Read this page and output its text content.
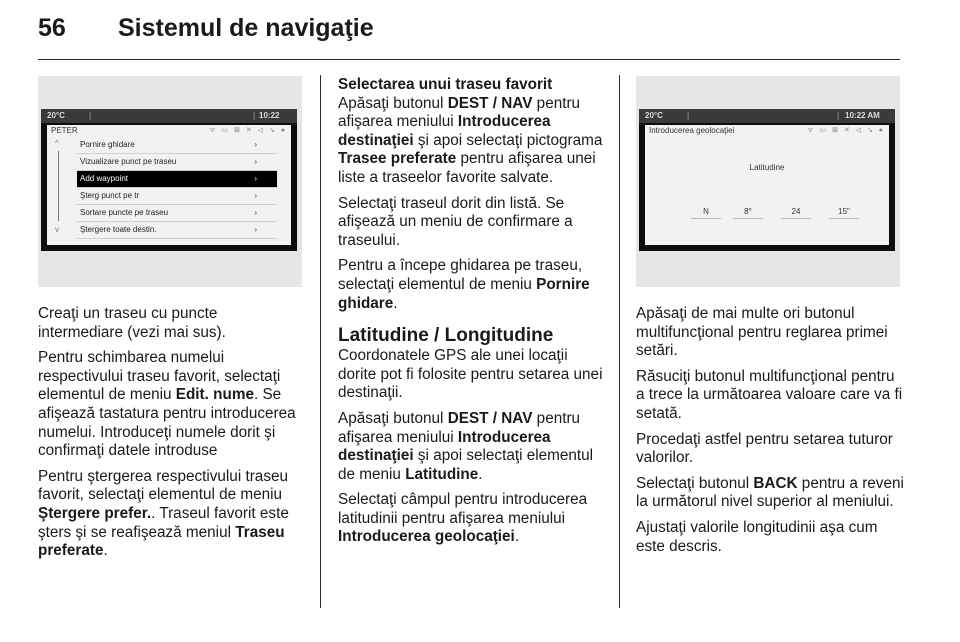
56 Sistemul de navigaţie
20°C	|	| 10:22
PETER	ᯤ ▭ ⊠ ✕ ◁ ↘ ●
^
v
Pornire ghidare	›
Vizualizare punct pe traseu	›
Add waypoint	›
Şterg punct pe tr	›
Sortare puncte pe traseu	›
Ştergere toate destin.	›
20°C	|	| 10:22 AM
Introducerea geolocaţiei	ᯤ ▭ ⊠ ✕ ◁ ↘ ●
Latitudine
N	8°	24	15"

Creaţi un traseu cu puncte intermediare (vezi mai sus).

Pentru schimbarea numelui respectivului traseu favorit, selectaţi elementul de meniu Edit. nume. Se afişează tastatura pentru introducerea numelui. Introduceţi numele dorit şi confirmaţi datele introduse

Pentru ştergerea respectivului traseu favorit, selectaţi elementul de meniu Ştergere prefer.. Traseul favorit este şters şi se reafişează meniul Traseu preferate.

Selectarea unui traseu favorit

Apăsaţi butonul DEST / NAV pentru afişarea meniului Introducerea destinaţiei şi apoi selectaţi pictograma Trasee preferate pentru afişarea unei liste a traseelor favorite salvate.

Selectaţi traseul dorit din listă. Se afişează un meniu de confirmare a traseului.

Pentru a începe ghidarea pe traseu, selectaţi elementul de meniu Pornire ghidare.

Latitudine / Longitudine

Coordonatele GPS ale unei locaţii dorite pot fi folosite pentru setarea unei destinaţii.

Apăsaţi butonul DEST / NAV pentru afişarea meniului Introducerea destinaţiei şi apoi selectaţi elementul de meniu Latitudine.

Selectaţi câmpul pentru introducerea latitudinii pentru afişarea meniului Introducerea geolocaţiei.

Apăsaţi de mai multe ori butonul multifuncţional pentru reglarea primei setări.

Răsuciţi butonul multifuncţional pentru a trece la următoarea valoare care va fi setată.

Procedaţi astfel pentru setarea tuturor valorilor.

Selectaţi butonul BACK pentru a reveni la următorul nivel superior al meniului.

Ajustaţi valorile longitudinii aşa cum este descris.
